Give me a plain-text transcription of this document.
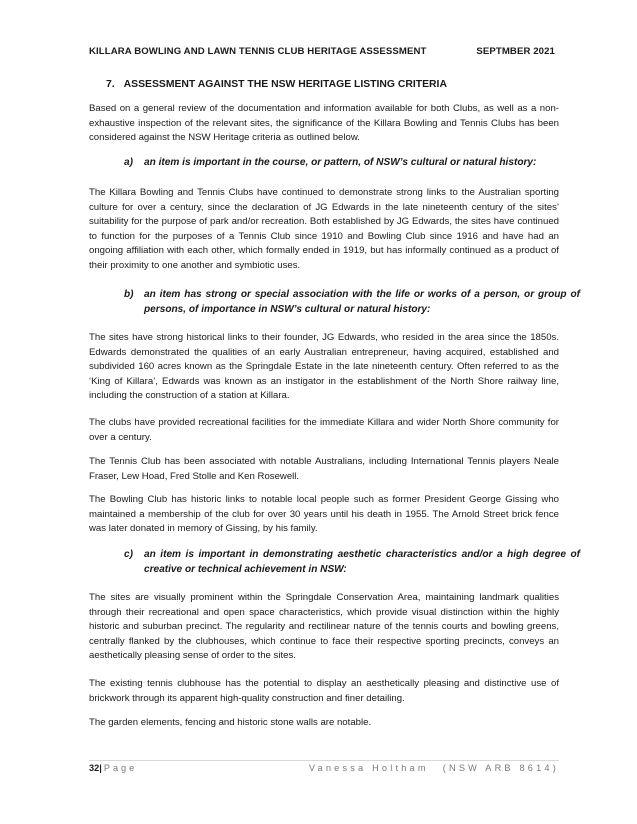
KILLARA BOWLING AND LAWN TENNIS CLUB HERITAGE ASSESSMENT	SEPTMBER 2021
7. ASSESSMENT AGAINST THE NSW HERITAGE LISTING CRITERIA

Based on a general review of the documentation and information available for both Clubs, as well as a non-exhaustive inspection of the relevant sites, the significance of the Killara Bowling and Tennis Clubs has been considered against the NSW Heritage criteria as outlined below.

a) an item is important in the course, or pattern, of NSW’s cultural or natural history:

The Killara Bowling and Tennis Clubs have continued to demonstrate strong links to the Australian sporting culture for over a century, since the declaration of JG Edwards in the late nineteenth century of the sites’ suitability for the purpose of park and/or recreation. Both established by JG Edwards, the sites have continued to function for the purposes of a Tennis Club since 1910 and Bowling Club since 1916 and have had an ongoing affiliation with each other, which formally ended in 1919, but has informally continued as a product of their proximity to one another and symbiotic uses.

b) an item has strong or special association with the life or works of a person, or group of persons, of importance in NSW’s cultural or natural history:

The sites have strong historical links to their founder, JG Edwards, who resided in the area since the 1850s. Edwards demonstrated the qualities of an early Australian entrepreneur, having acquired, established and subdivided 160 acres known as the Springdale Estate in the late nineteenth century. Often referred to as the ‘King of Killara’, Edwards was known as an instigator in the establishment of the North Shore railway line, including the construction of a station at Killara.

The clubs have provided recreational facilities for the immediate Killara and wider North Shore community for over a century.

The Tennis Club has been associated with notable Australians, including International Tennis players Neale Fraser, Lew Hoad, Fred Stolle and Ken Rosewell.

The Bowling Club has historic links to notable local people such as former President George Gissing who maintained a membership of the club for over 30 years until his death in 1955. The Arnold Street brick fence was later donated in memory of Gissing, by his family.

c) an item is important in demonstrating aesthetic characteristics and/or a high degree of creative or technical achievement in NSW:

The sites are visually prominent within the Springdale Conservation Area, maintaining landmark qualities through their recreational and open space characteristics, which provide visual distinction within the highly historic and suburban precinct. The regularity and rectilinear nature of the tennis courts and bowling greens, centrally flanked by the clubhouses, which continue to face their respective sporting precincts, conveys an aesthetically pleasing sense of order to the sites.

The existing tennis clubhouse has the potential to display an aesthetically pleasing and distinctive use of brickwork through its apparent high-quality construction and finer detailing.

The garden elements, fencing and historic stone walls are notable.

32| Page	Vanessa Holtham (NSW ARB 8614)
